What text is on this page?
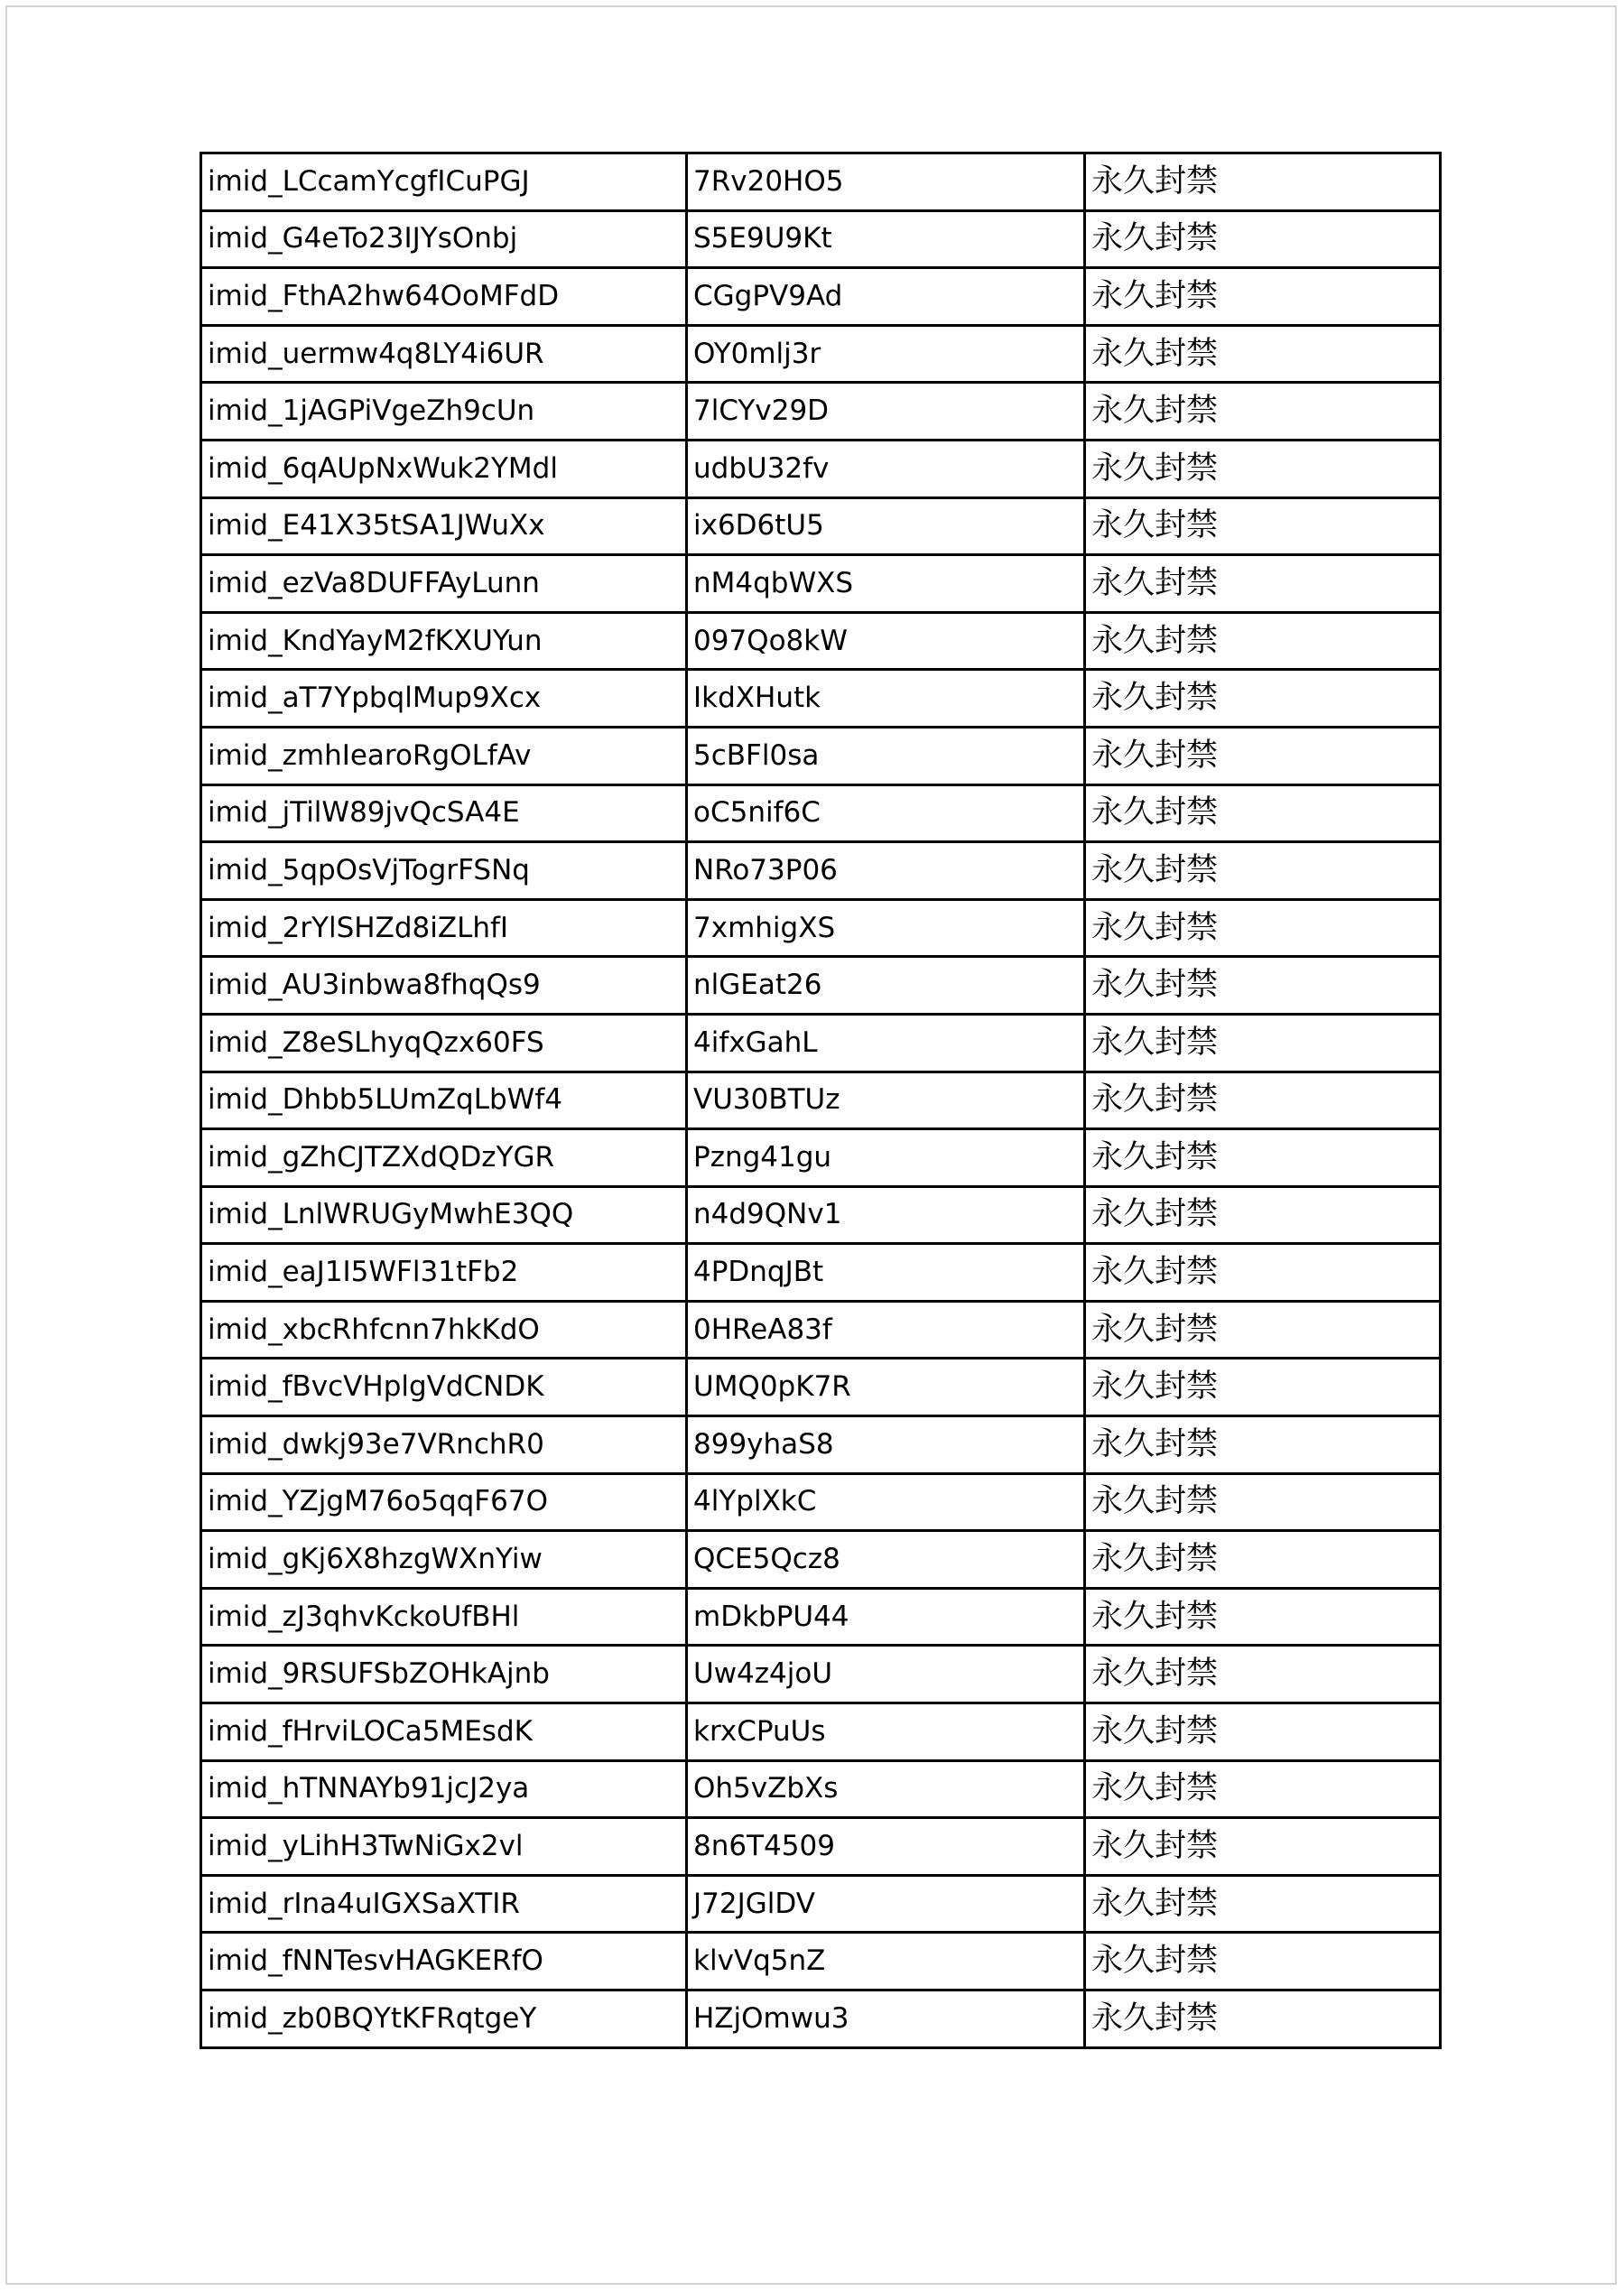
imid_LCcamYcgfICuPGJ	7Rv20HO5	永久封禁
imid_G4eTo23IJYsOnbj	S5E9U9Kt	永久封禁
imid_FthA2hw64OoMFdD	CGgPV9Ad	永久封禁
imid_uermw4q8LY4i6UR	OY0mlj3r	永久封禁
imid_1jAGPiVgeZh9cUn	7lCYv29D	永久封禁
imid_6qAUpNxWuk2YMdl	udbU32fv	永久封禁
imid_E41X35tSA1JWuXx	ix6D6tU5	永久封禁
imid_ezVa8DUFFAyLunn	nM4qbWXS	永久封禁
imid_KndYayM2fKXUYun	097Qo8kW	永久封禁
imid_aT7YpbqlMup9Xcx	IkdXHutk	永久封禁
imid_zmhIearoRgOLfAv	5cBFl0sa	永久封禁
imid_jTilW89jvQcSA4E	oC5nif6C	永久封禁
imid_5qpOsVjTogrFSNq	NRo73P06	永久封禁
imid_2rYlSHZd8iZLhfI	7xmhigXS	永久封禁
imid_AU3inbwa8fhqQs9	nlGEat26	永久封禁
imid_Z8eSLhyqQzx60FS	4ifxGahL	永久封禁
imid_Dhbb5LUmZqLbWf4	VU30BTUz	永久封禁
imid_gZhCJTZXdQDzYGR	Pzng41gu	永久封禁
imid_LnlWRUGyMwhE3QQ	n4d9QNv1	永久封禁
imid_eaJ1I5WFl31tFb2	4PDnqJBt	永久封禁
imid_xbcRhfcnn7hkKdO	0HReA83f	永久封禁
imid_fBvcVHplgVdCNDK	UMQ0pK7R	永久封禁
imid_dwkj93e7VRnchR0	899yhaS8	永久封禁
imid_YZjgM76o5qqF67O	4lYplXkC	永久封禁
imid_gKj6X8hzgWXnYiw	QCE5Qcz8	永久封禁
imid_zJ3qhvKckoUfBHl	mDkbPU44	永久封禁
imid_9RSUFSbZOHkAjnb	Uw4z4joU	永久封禁
imid_fHrviLOCa5MEsdK	krxCPuUs	永久封禁
imid_hTNNAYb91jcJ2ya	Oh5vZbXs	永久封禁
imid_yLihH3TwNiGx2vl	8n6T4509	永久封禁
imid_rIna4uIGXSaXTIR	J72JGlDV	永久封禁
imid_fNNTesvHAGKERfO	klvVq5nZ	永久封禁
imid_zb0BQYtKFRqtgeY	HZjOmwu3	永久封禁
